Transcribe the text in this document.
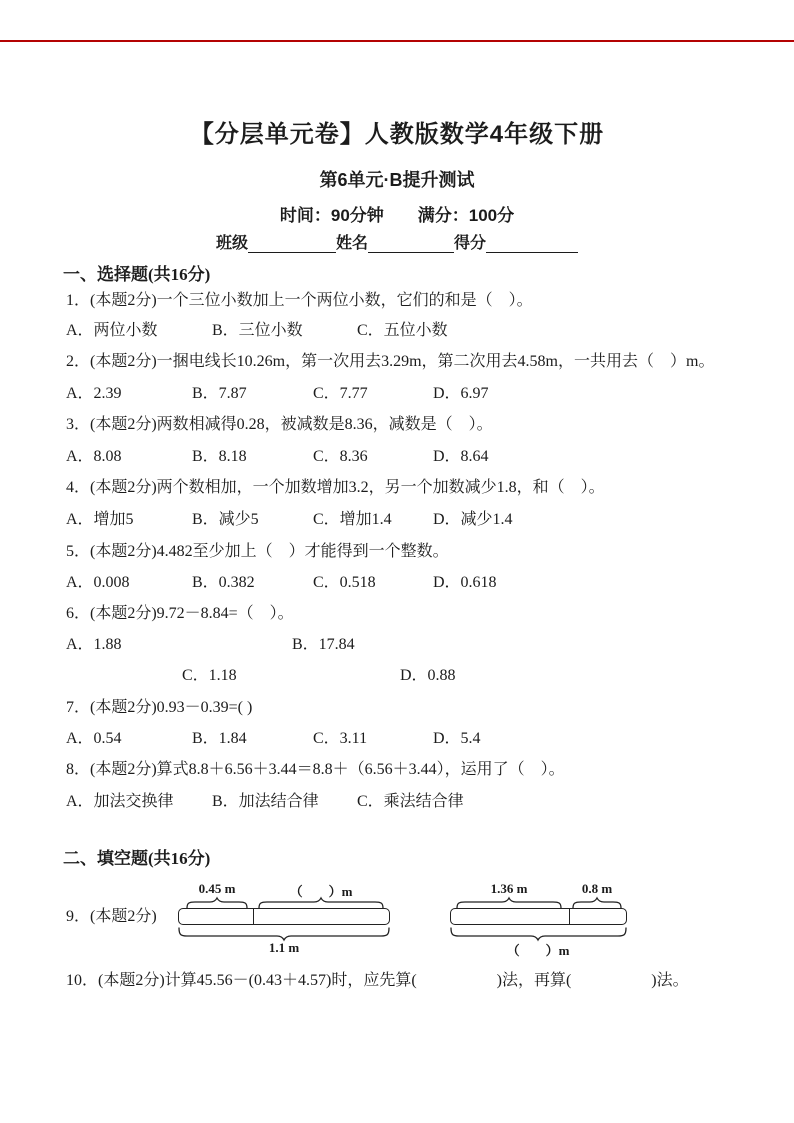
【分层单元卷】人教版数学4年级下册
第6单元·B提升测试
时间：90分钟　　满分：100分
班级	姓名	得分
一、选择题(共16分)
1．(本题2分)一个三位小数加上一个两位小数，它们的和是（　）。
A．两位小数	B．三位小数	C．五位小数
2．(本题2分)一捆电线长10.26m，第一次用去3.29m，第二次用去4.58m，一共用去（　）m。
A．2.39	B．7.87	C．7.77	D．6.97
3．(本题2分)两数相减得0.28，被减数是8.36，减数是（　）。
A．8.08	B．8.18	C．8.36	D．8.64
4．(本题2分)两个数相加，一个加数增加3.2，另一个加数减少1.8，和（　）。
A．增加5	B．减少5	C．增加1.4	D．减少1.4
5．(本题2分)4.482至少加上（　）才能得到一个整数。
A．0.008	B．0.382	C．0.518	D．0.618
6．(本题2分)9.72－8.84=（　）。
A．1.88	B．17.84
C．1.18	D．0.88
7．(本题2分)0.93－0.39=( )
A．0.54	B．1.84	C．3.11	D．5.4
8．(本题2分)算式8.8＋6.56＋3.44＝8.8＋（6.56＋3.44），运用了（　）。
A．加法交换律 B．加法结合律 C．乘法结合律
二、填空题(共16分)
9．(本题2分)
0.45 m	（　　）m
1.1 m
1.36 m	0.8 m
（　　）m
10．(本题2分)计算45.56－(0.43＋4.57)时，应先算(　　　　　)法，再算(　　　　　)法。
